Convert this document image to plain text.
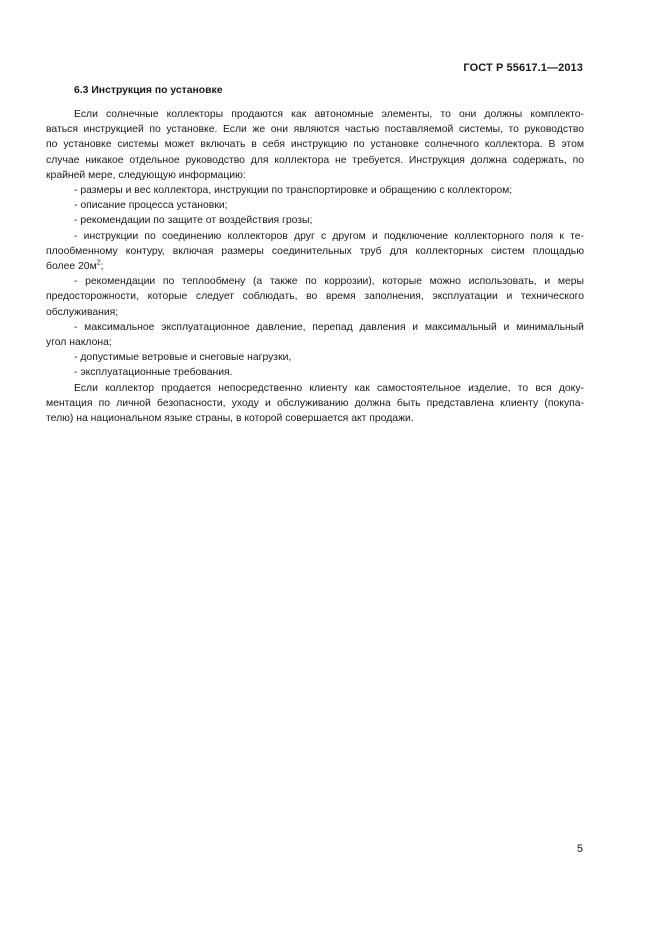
ГОСТ Р 55617.1—2013
6.3 Инструкция по установке
Если солнечные коллекторы продаются как автономные элементы, то они должны комплекто-
ваться инструкцией по установке. Если же они являются частью поставляемой системы, то руководство
по установке системы может включать в себя инструкцию по установке солнечного коллектора. В этом
случае никакое отдельное руководство для коллектора не требуется. Инструкция должна содержать, по
крайней мере, следующую информацию:
- размеры и вес коллектора, инструкции по транспортировке и обращению с коллектором;
- описание процесса установки;
- рекомендации по защите от воздействия грозы;
- инструкции по соединению коллекторов друг с другом и подключение коллекторного поля к те-
плообменному контуру, включая размеры соединительных труб для коллекторных систем площадью
более $20м^2$;
- рекомендации по теплообмену (а также по коррозии), которые можно использовать, и меры
предосторожности, которые следует соблюдать, во время заполнения, эксплуатации и технического
обслуживания;
- максимальное эксплуатационное давление, перепад давления и максимальный и минимальный
угол наклона;
- допустимые ветровые и снеговые нагрузки,
- эксплуатационные требования.
Если коллектор продается непосредственно клиенту как самостоятельное изделие, то вся доку-
ментация по личной безопасности, уходу и обслуживанию должна быть представлена клиенту (покупа-
телю) на национальном языке страны, в которой совершается акт продажи.
5
